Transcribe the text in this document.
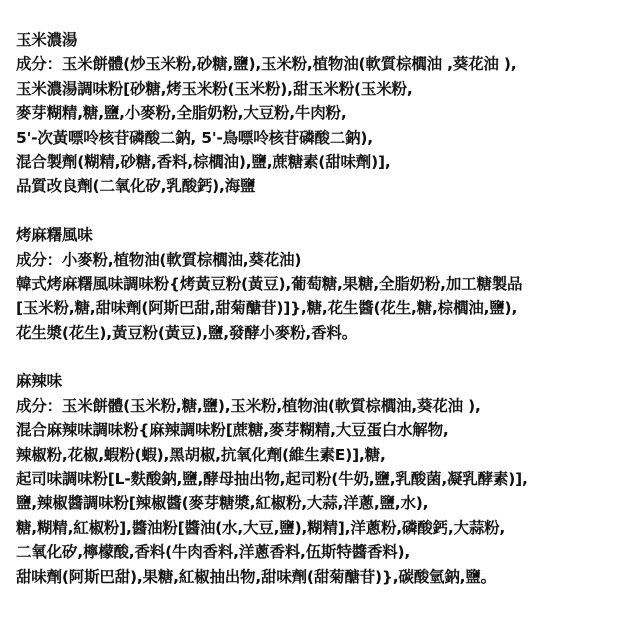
玉米濃湯
成分：玉米餅體(炒玉米粉,砂糖,鹽),玉米粉,植物油(軟質棕櫚油 ,葵花油 ),
玉米濃湯調味粉[砂糖,烤玉米粉(玉米粉),甜玉米粉(玉米粉,
麥芽糊精,糖,鹽,小麥粉,全脂奶粉,大豆粉,牛肉粉,
5'-次黃嘌呤核苷磷酸二鈉, 5'-鳥嘌呤核苷磷酸二鈉),
混合製劑(糊精,砂糖,香料,棕櫚油),鹽,蔗糖素(甜味劑)],
品質改良劑(二氧化矽,乳酸鈣),海鹽
烤麻糬風味
成分：小麥粉,植物油(軟質棕櫚油,葵花油)
韓式烤麻糬風味調味粉{烤黃豆粉(黃豆),葡萄糖,果糖,全脂奶粉,加工糖製品
[玉米粉,糖,甜味劑(阿斯巴甜,甜菊醣苷)]},糖,花生醬(花生,糖,棕櫚油,鹽),
花生漿(花生),黃豆粉(黃豆),鹽,發酵小麥粉,香料。
麻辣味
成分：玉米餅體(玉米粉,糖,鹽),玉米粉,植物油(軟質棕櫚油,葵花油 ),
混合麻辣味調味粉{麻辣調味粉[蔗糖,麥芽糊精,大豆蛋白水解物,
辣椒粉,花椒,蝦粉(蝦),黑胡椒,抗氧化劑(維生素E)],糖,
起司味調味粉[L-麩酸鈉,鹽,酵母抽出物,起司粉(牛奶,鹽,乳酸菌,凝乳酵素)],
鹽,辣椒醬調味粉[辣椒醬(麥芽糖漿,紅椒粉,大蒜,洋蔥,鹽,水),
糖,糊精,紅椒粉],醬油粉[醬油(水,大豆,鹽),糊精],洋蔥粉,磷酸鈣,大蒜粉,
二氧化矽,檸檬酸,香料(牛肉香料,洋蔥香料,伍斯特醬香料),
甜味劑(阿斯巴甜),果糖,紅椒抽出物,甜味劑(甜菊醣苷)},碳酸氫鈉,鹽。
